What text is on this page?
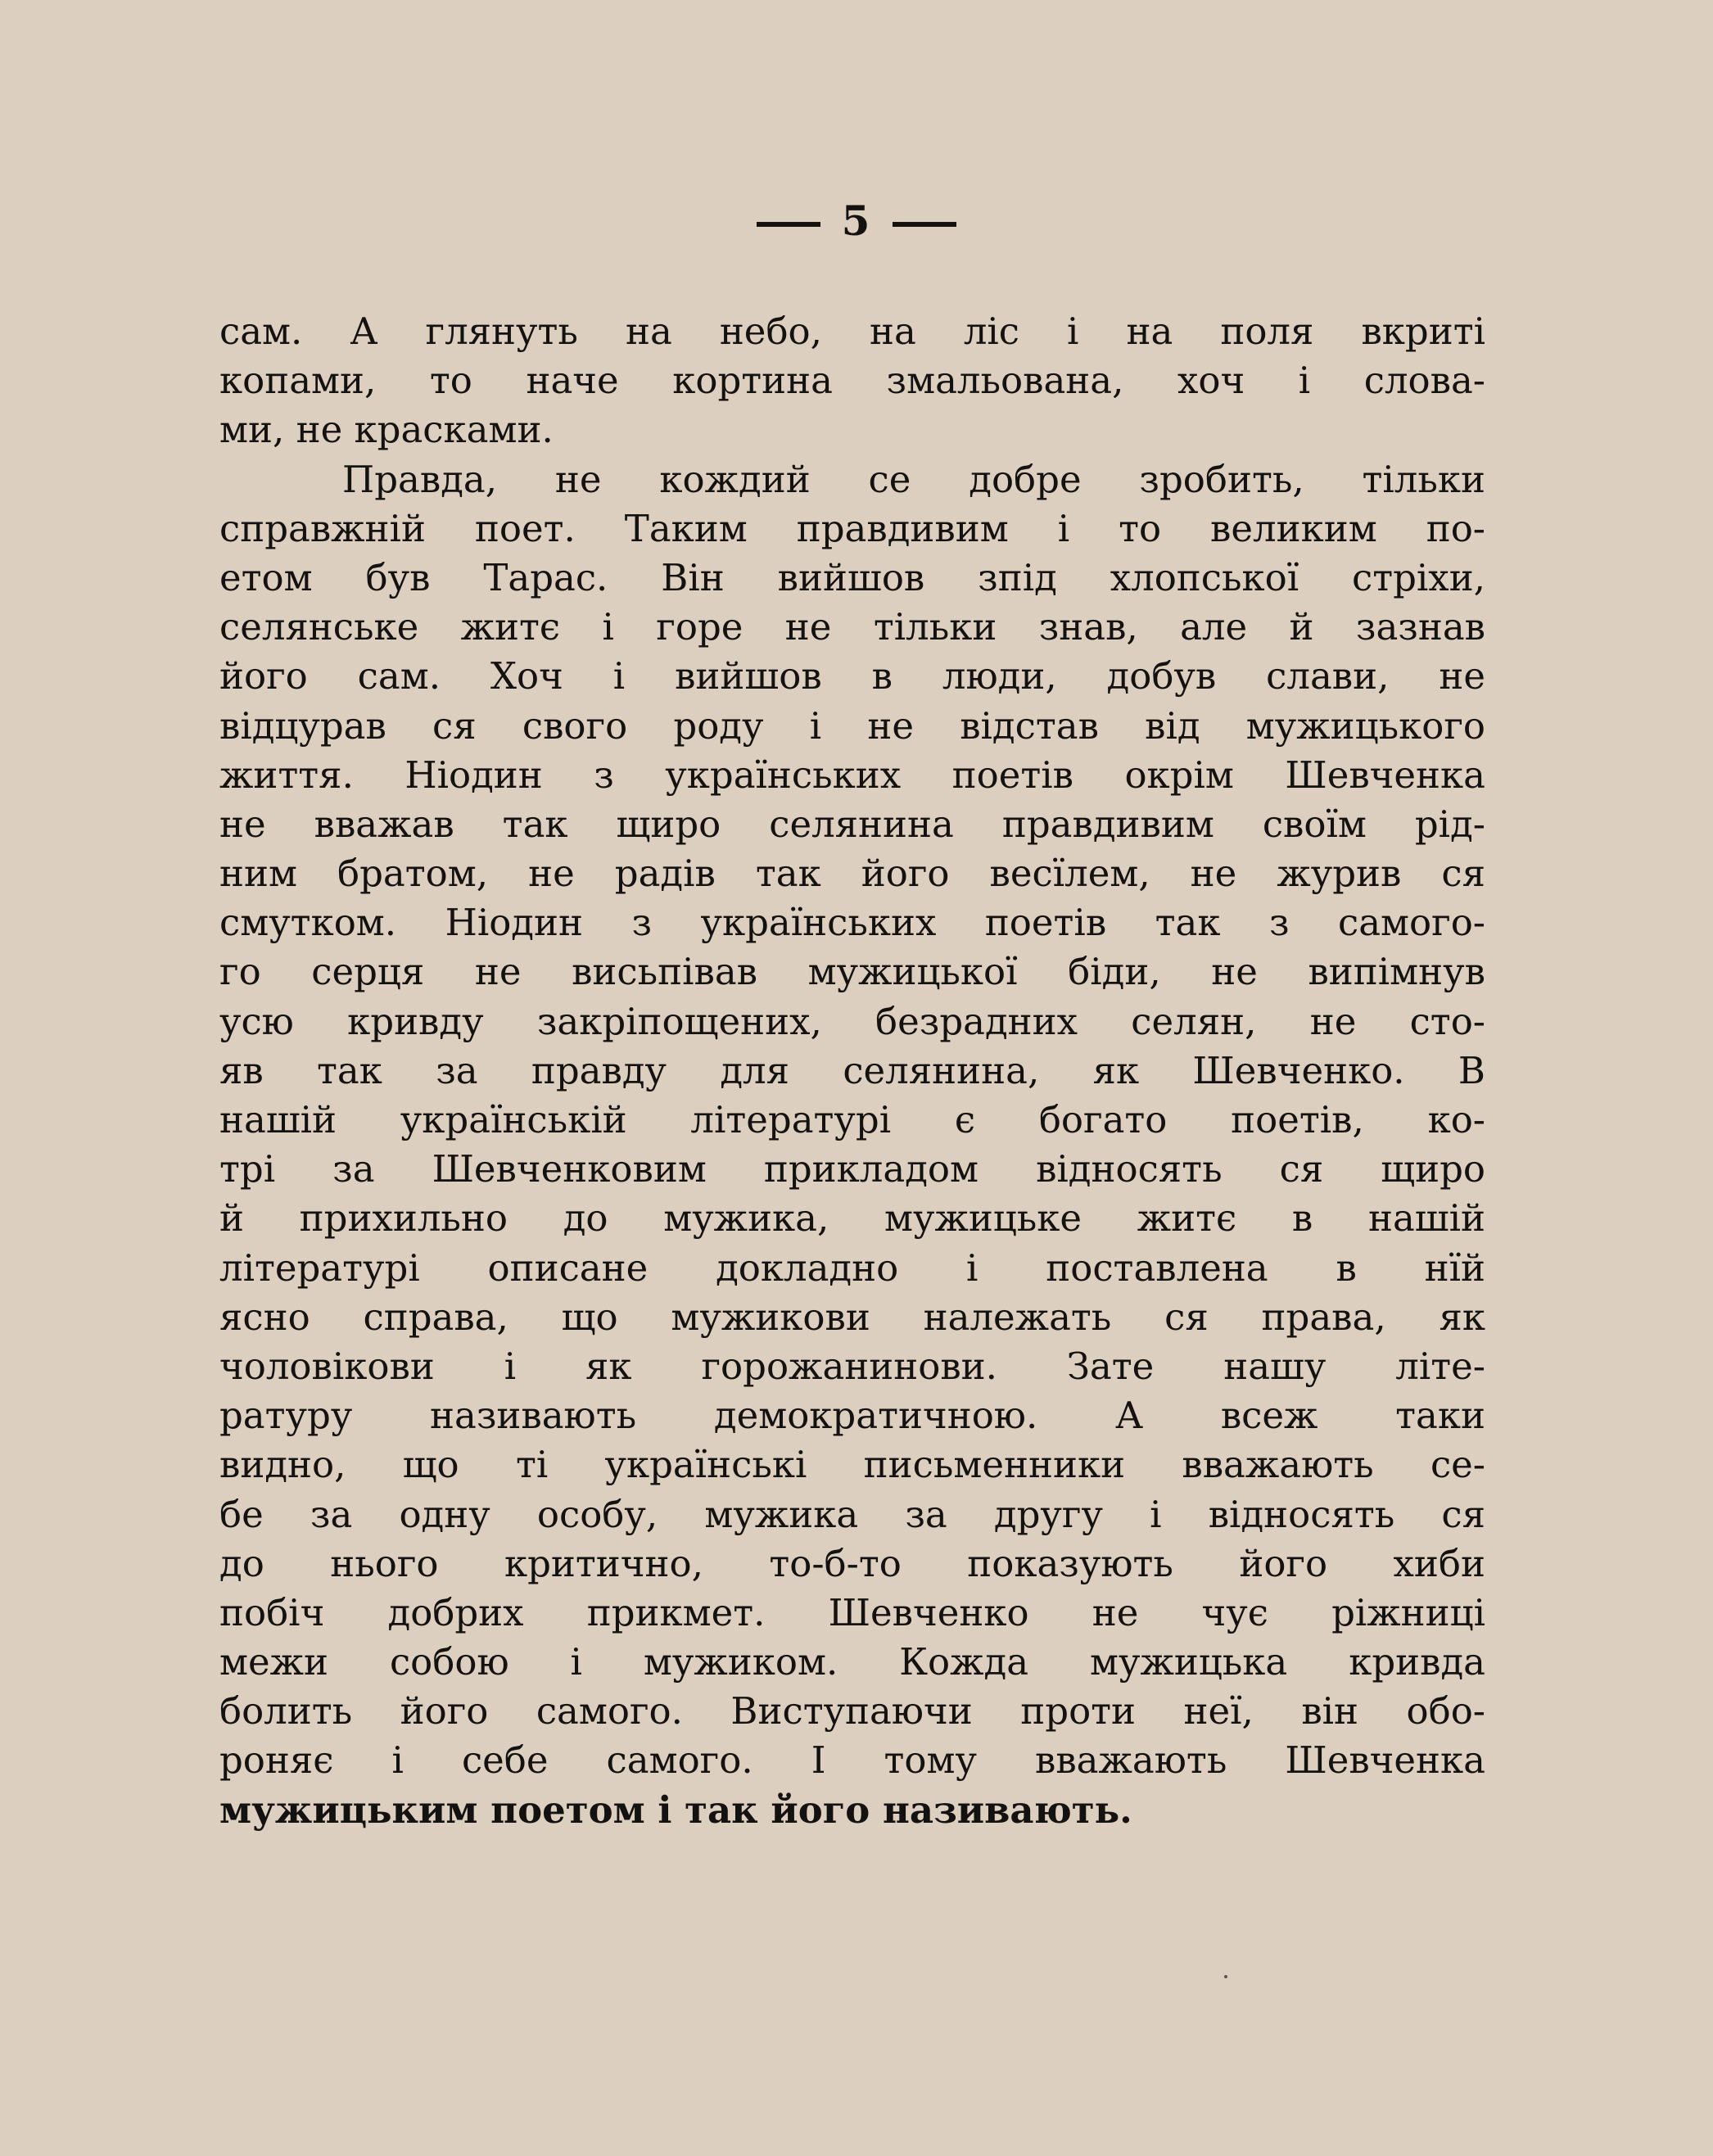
5
сам. А глянуть на небо, на ліс і на поля вкриті
копами, то наче кортина змальована, хоч і слова-
ми, не красками.
Правда, не кождий се добре зробить, тільки
справжній поет. Таким правдивим і то великим по-
етом був Тарас. Він вийшов зпід хлопської стріхи,
селянське житє і горе не тільки знав, але й зазнав
його сам. Хоч і вийшов в люди, добув слави, не
відцурав ся свого роду і не відстав від мужицького
життя. Ніодин з українських поетів окрім Шевченка
не вважав так щиро селянина правдивим своїм рід-
ним братом, не радів так його весїлем, не журив ся
смутком. Ніодин з українських поетів так з самого-
го серця не висьпівав мужицької біди, не випімнув
усю кривду закріпощених, безрадних селян, не сто-
яв так за правду для селянина, як Шевченко. В
нашій українській літературі є богато поетів, ко-
трі за Шевченковим прикладом відносять ся щиро
й прихильно до мужика, мужицьке житє в нашій
літературі описане докладно і поставлена в нїй
ясно справа, що мужикови належать ся права, як
чоловікови і як горожанинови. Зате нашу літе-
ратуру називають демократичною. А всеж таки
видно, що ті українські письменники вважають се-
бе за одну особу, мужика за другу і відносять ся
до нього критично, то-б-то показують його хиби
побіч добрих прикмет. Шевченко не чує ріжниці
межи собою і мужиком. Кожда мужицька кривда
болить його самого. Виступаючи проти неї, він обо-
роняє і себе самого. І тому вважають Шевченка
мужицьким поетом і так його називають.
